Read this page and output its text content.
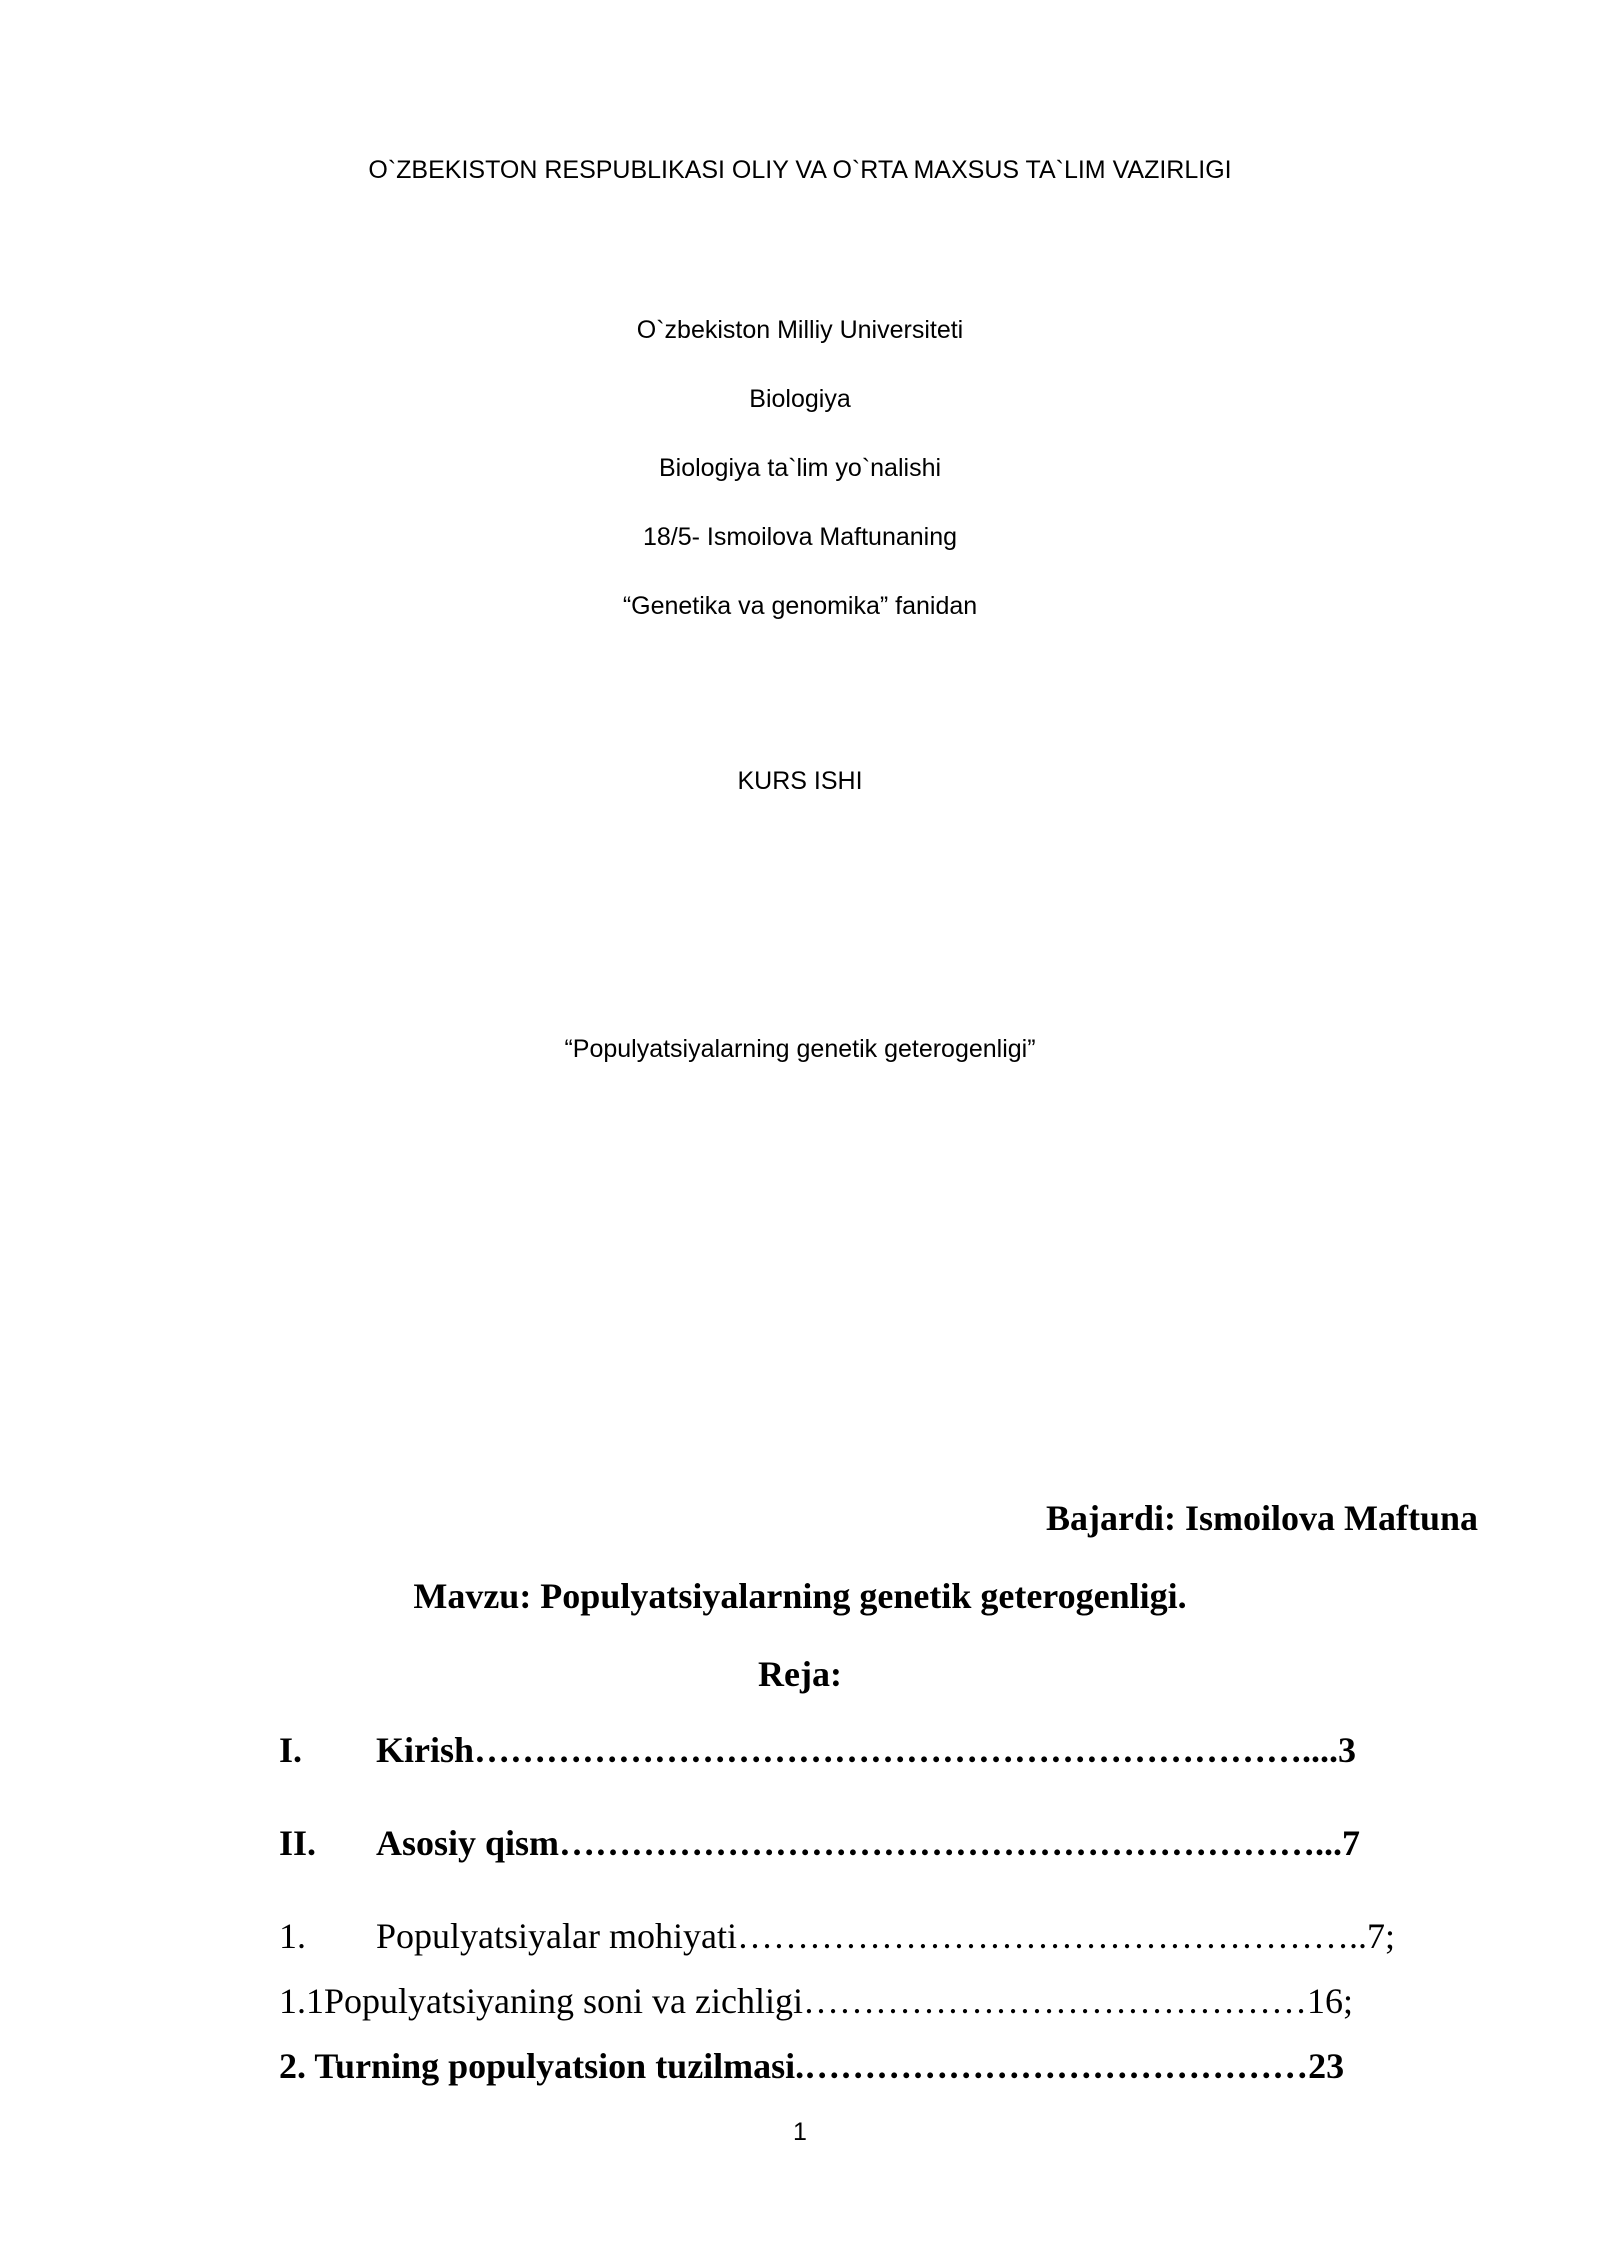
O`ZBEKISTON RESPUBLIKASI OLIY VA O`RTA MAXSUS TA`LIM VAZIRLIGI
O`zbekiston Milliy Universiteti
Biologiya
Biologiya ta`lim yo`nalishi
18/5- Ismoilova Maftunaning
“Genetika va genomika” fanidan
KURS ISHI
“Populyatsiyalarning genetik geterogenligi”
Bajardi: Ismoilova Maftuna
Mavzu: Populyatsiyalarning genetik geterogenligi.
Reja:
I. Kirish……………………………………………………………....3
II. Asosiy qism………………………………………………………...7
1. Populyatsiyalar mohiyati……………………………………………..7;
1.1Populyatsiyaning soni va zichligi……………………………………16;
2. Turning populyatsion tuzilmasi.……………………………………23
1
